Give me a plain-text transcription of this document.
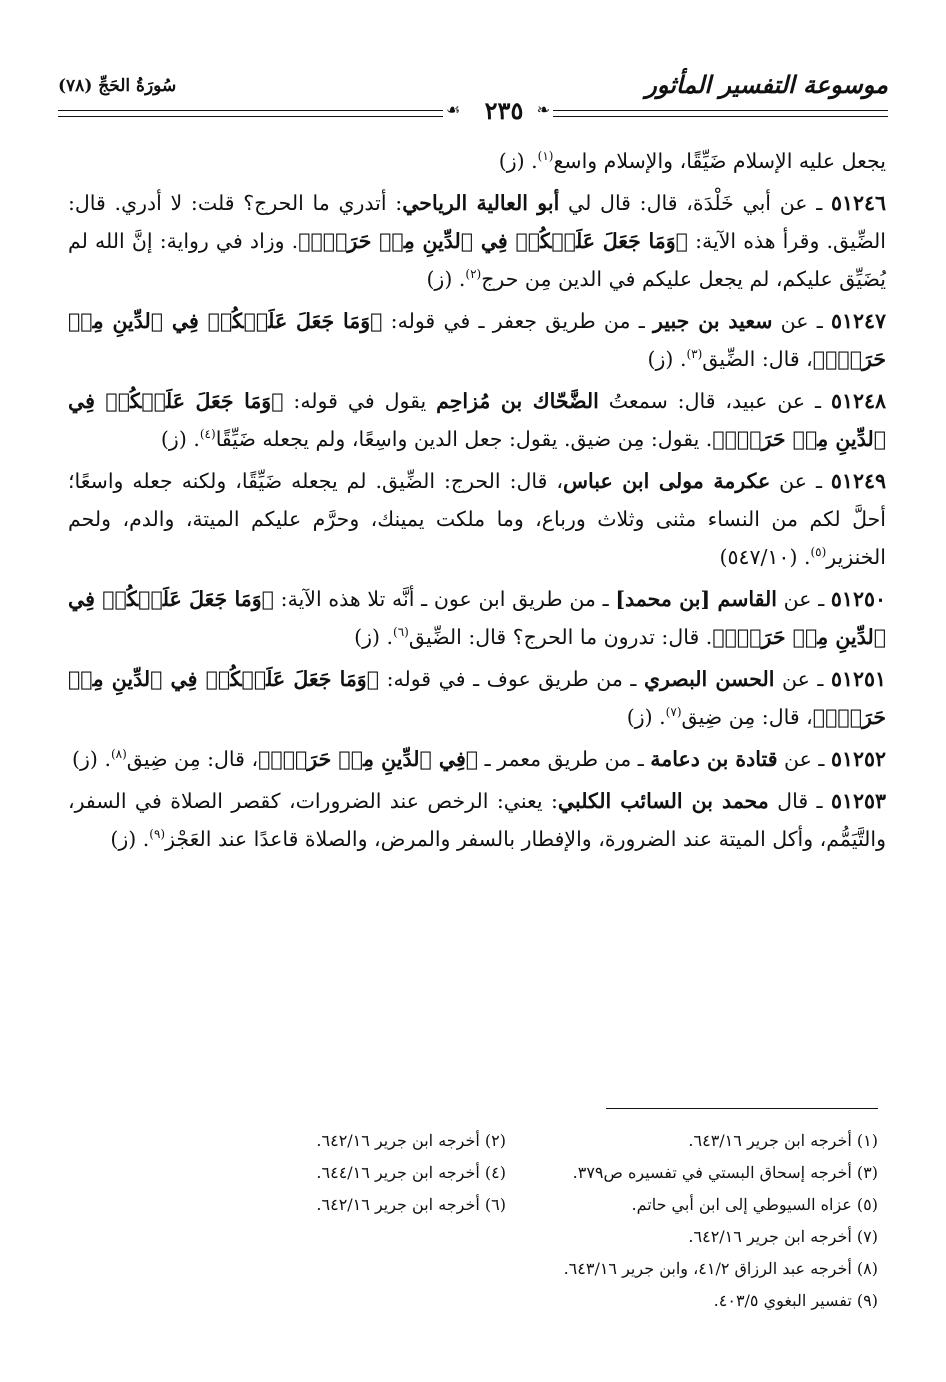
موسوعة التفسير المأثور
سُورَةُ الحَجِّ (٧٨)
❧
٢٣٥
☙

يجعل عليه الإسلام ضَيِّقًا، والإسلام واسع$^{(١)}$. (ز)

٥١٢٤٦ ـ عن أبي خَلْدَة، قال: قال لي أبو العالية الرياحي: أتدري ما الحرج؟ قلت: لا أدري. قال: الضِّيق. وقرأ هذه الآية: ﴿وَمَا جَعَلَ عَلَيۡكُمۡ فِي ٱلدِّينِ مِنۡ حَرَجٖۚ﴾. وزاد في رواية: إنَّ الله لم يُضَيِّق عليكم، لم يجعل عليكم في الدين مِن حرج$^{(٢)}$. (ز)

٥١٢٤٧ ـ عن سعيد بن جبير ـ من طريق جعفر ـ في قوله: ﴿وَمَا جَعَلَ عَلَيۡكُمۡ فِي ٱلدِّينِ مِنۡ حَرَجٖۚ﴾، قال: الضِّيق$^{(٣)}$. (ز)

٥١٢٤٨ ـ عن عبيد، قال: سمعتُ الضَّحّاك بن مُزاحِم يقول في قوله: ﴿وَمَا جَعَلَ عَلَيۡكُمۡ فِي ٱلدِّينِ مِنۡ حَرَجٖۚ﴾. يقول: مِن ضيق. يقول: جعل الدين واسِعًا، ولم يجعله ضَيِّقًا$^{(٤)}$. (ز)

٥١٢٤٩ ـ عن عكرمة مولى ابن عباس، قال: الحرج: الضِّيق. لم يجعله ضَيِّقًا، ولكنه جعله واسعًا؛ أحلَّ لكم من النساء مثنى وثلاث ورباع، وما ملكت يمينك، وحرَّم عليكم الميتة، والدم، ولحم الخنزير$^{(٥)}$. (٥٤٧/١٠)

٥١٢٥٠ ـ عن القاسم [بن محمد] ـ من طريق ابن عون ـ أنَّه تلا هذه الآية: ﴿وَمَا جَعَلَ عَلَيۡكُمۡ فِي ٱلدِّينِ مِنۡ حَرَجٖۚ﴾. قال: تدرون ما الحرج؟ قال: الضِّيق$^{(٦)}$. (ز)

٥١٢٥١ ـ عن الحسن البصري ـ من طريق عوف ـ في قوله: ﴿وَمَا جَعَلَ عَلَيۡكُمۡ فِي ٱلدِّينِ مِنۡ حَرَجٖۚ﴾، قال: مِن ضِيق$^{(٧)}$. (ز)

٥١٢٥٢ ـ عن قتادة بن دعامة ـ من طريق معمر ـ ﴿فِي ٱلدِّينِ مِنۡ حَرَجٖۚ﴾، قال: مِن ضِيق$^{(٨)}$. (ز)

٥١٢٥٣ ـ قال محمد بن السائب الكلبي: يعني: الرخص عند الضرورات، كقصر الصلاة في السفر، والتَّيَمُّم، وأكل الميتة عند الضرورة، والإفطار بالسفر والمرض، والصلاة قاعدًا عند العَجْز$^{(٩)}$. (ز)

(١) أخرجه ابن جرير ٦٤٣/١٦.
(٢) أخرجه ابن جرير ٦٤٢/١٦.
(٣) أخرجه إسحاق البستي في تفسيره ص٣٧٩.
(٤) أخرجه ابن جرير ٦٤٤/١٦.
(٥) عزاه السيوطي إلى ابن أبي حاتم.
(٦) أخرجه ابن جرير ٦٤٢/١٦.
(٧) أخرجه ابن جرير ٦٤٢/١٦.
(٨) أخرجه عبد الرزاق ٤١/٢، وابن جرير ٦٤٣/١٦.
(٩) تفسير البغوي ٤٠٣/٥.
